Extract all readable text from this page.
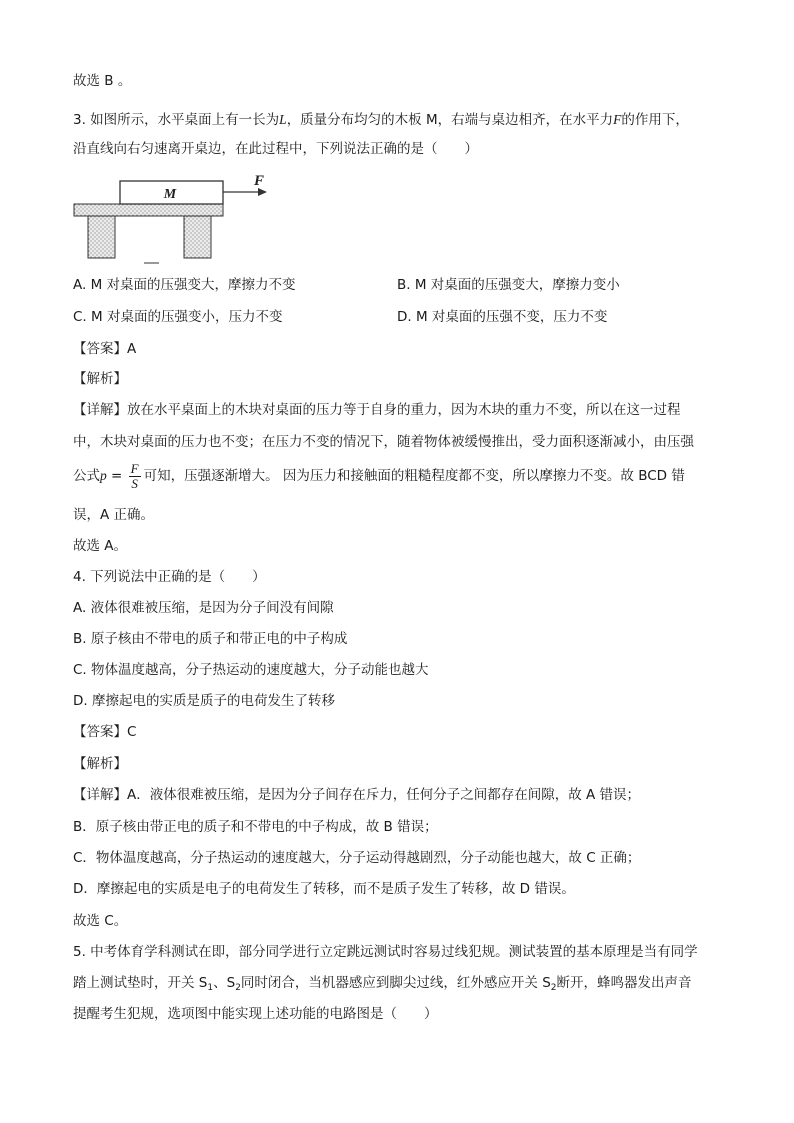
故选 B 。
3. 如图所示，水平桌面上有一长为L，质量分布均匀的木板 M，右端与桌边相齐，在水平力F的作用下，
沿直线向右匀速离开桌边，在此过程中，下列说法正确的是（　　）
M
F
A. M 对桌面的压强变大，摩擦力不变	B. M 对桌面的压强变大，摩擦力变小
C. M 对桌面的压强变小，压力不变	D. M 对桌面的压强不变，压力不变
【答案】A
【解析】
【详解】放在水平桌面上的木块对桌面的压力等于自身的重力，因为木块的重力不变，所以在这一过程
中，木块对桌面的压力也不变；在压力不变的情况下，随着物体被缓慢推出，受力面积逐渐减小，由压强
公式$p = \frac{F}{S}$ 可知，压强逐渐增大。 因为压力和接触面的粗糙程度都不变，所以摩擦力不变。故 BCD 错
误，A 正确。
故选 A。
4. 下列说法中正确的是（　　）
A. 液体很难被压缩，是因为分子间没有间隙
B. 原子核由不带电的质子和带正电的中子构成
C. 物体温度越高，分子热运动的速度越大，分子动能也越大
D. 摩擦起电的实质是质子的电荷发生了转移
【答案】C
【解析】
【详解】A．液体很难被压缩，是因为分子间存在斥力，任何分子之间都存在间隙，故 A 错误；
B．原子核由带正电的质子和不带电的中子构成，故 B 错误；
C．物体温度越高，分子热运动的速度越大，分子运动得越剧烈，分子动能也越大，故 C 正确；
D．摩擦起电的实质是电子的电荷发生了转移，而不是质子发生了转移，故 D 错误。
故选 C。
5. 中考体育学科测试在即，部分同学进行立定跳远测试时容易过线犯规。测试装置的基本原理是当有同学
踏上测试垫时，开关 $S_1$、$S_2$同时闭合，当机器感应到脚尖过线，红外感应开关 $S_2$断开，蜂鸣器发出声音
提醒考生犯规，选项图中能实现上述功能的电路图是（　　）
